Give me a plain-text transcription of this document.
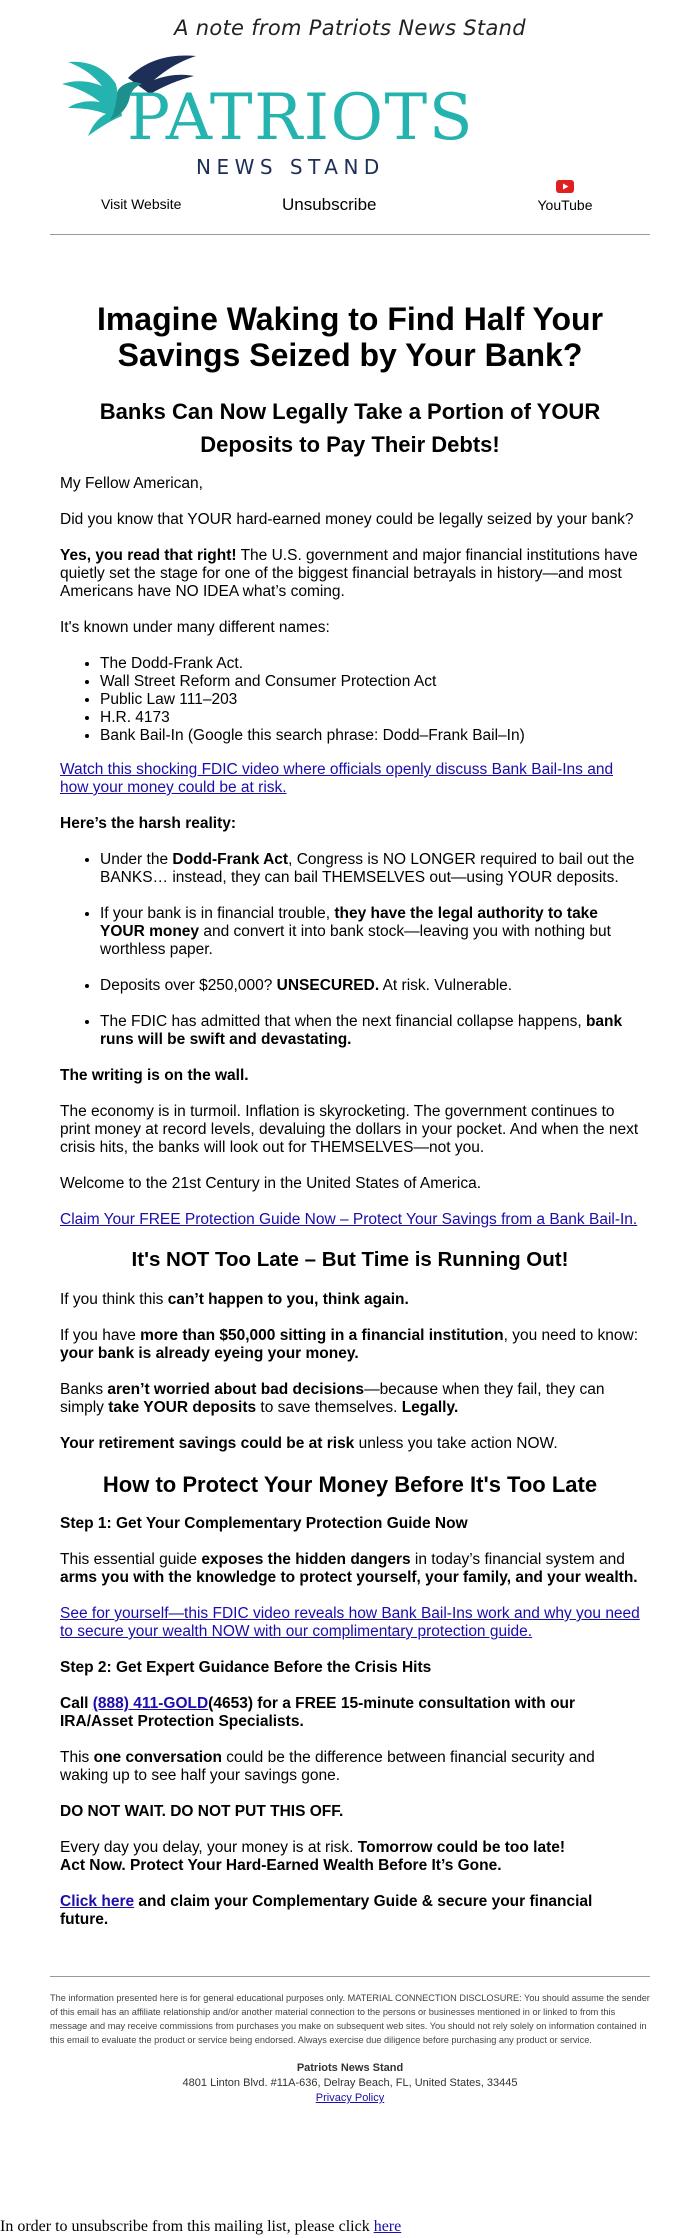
A note from Patriots News Stand
PATRIOTS
NEWS STAND
Visit Website	Unsubscribe	YouTube
Imagine Waking to Find Half Your Savings Seized by Your Bank?
Banks Can Now Legally Take a Portion of YOUR Deposits to Pay Their Debts!

My Fellow American,

Did you know that YOUR hard-earned money could be legally seized by your bank?

Yes, you read that right! The U.S. government and major financial institutions have quietly set the stage for one of the biggest financial betrayals in history—and most Americans have NO IDEA what’s coming.

It's known under many different names:

• The Dodd-Frank Act.
• Wall Street Reform and Consumer Protection Act
• Public Law 111–203
• H.R. 4173
• Bank Bail-In (Google this search phrase: Dodd–Frank Bail–In)

Watch this shocking FDIC video where officials openly discuss Bank Bail-Ins and how your money could be at risk.

Here’s the harsh reality:
• Under the Dodd-Frank Act, Congress is NO LONGER required to bail out the BANKS… instead, they can bail THEMSELVES out—using YOUR deposits.
• If your bank is in financial trouble, they have the legal authority to take YOUR money and convert it into bank stock—leaving you with nothing but worthless paper.
• Deposits over $250,000? UNSECURED. At risk. Vulnerable.
• The FDIC has admitted that when the next financial collapse happens, bank runs will be swift and devastating.
The writing is on the wall.

The economy is in turmoil. Inflation is skyrocketing. The government continues to print money at record levels, devaluing the dollars in your pocket. And when the next crisis hits, the banks will look out for THEMSELVES—not you.

Welcome to the 21st Century in the United States of America.

Claim Your FREE Protection Guide Now – Protect Your Savings from a Bank Bail-In.

It's NOT Too Late – But Time is Running Out!

If you think this can’t happen to you, think again.

If you have more than $50,000 sitting in a financial institution, you need to know: your bank is already eyeing your money.

Banks aren’t worried about bad decisions—because when they fail, they can simply take YOUR deposits to save themselves. Legally.

Your retirement savings could be at risk unless you take action NOW.

How to Protect Your Money Before It's Too Late
Step 1: Get Your Complementary Protection Guide Now

This essential guide exposes the hidden dangers in today’s financial system and arms you with the knowledge to protect yourself, your family, and your wealth.

See for yourself—this FDIC video reveals how Bank Bail-Ins work and why you need to secure your wealth NOW with our complimentary protection guide.

Step 2: Get Expert Guidance Before the Crisis Hits

Call (888) 411-GOLD(4653) for a FREE 15-minute consultation with our IRA/Asset Protection Specialists.

This one conversation could be the difference between financial security and waking up to see half your savings gone.

DO NOT WAIT. DO NOT PUT THIS OFF.

Every day you delay, your money is at risk. Tomorrow could be too late!
Act Now. Protect Your Hard-Earned Wealth Before It’s Gone.

Click here and claim your Complementary Guide & secure your financial future.

The information presented here is for general educational purposes only. MATERIAL CONNECTION DISCLOSURE: You should assume the sender of this email has an affiliate relationship and/or another material connection to the persons or businesses mentioned in or linked to from this message and may receive commissions from purchases you make on subsequent web sites. You should not rely solely on information contained in this email to evaluate the product or service being endorsed. Always exercise due diligence before purchasing any product or service.

Patriots News Stand
4801 Linton Blvd. #11A-636, Delray Beach, FL, United States, 33445
Privacy Policy
In order to unsubscribe from this mailing list, please click here
